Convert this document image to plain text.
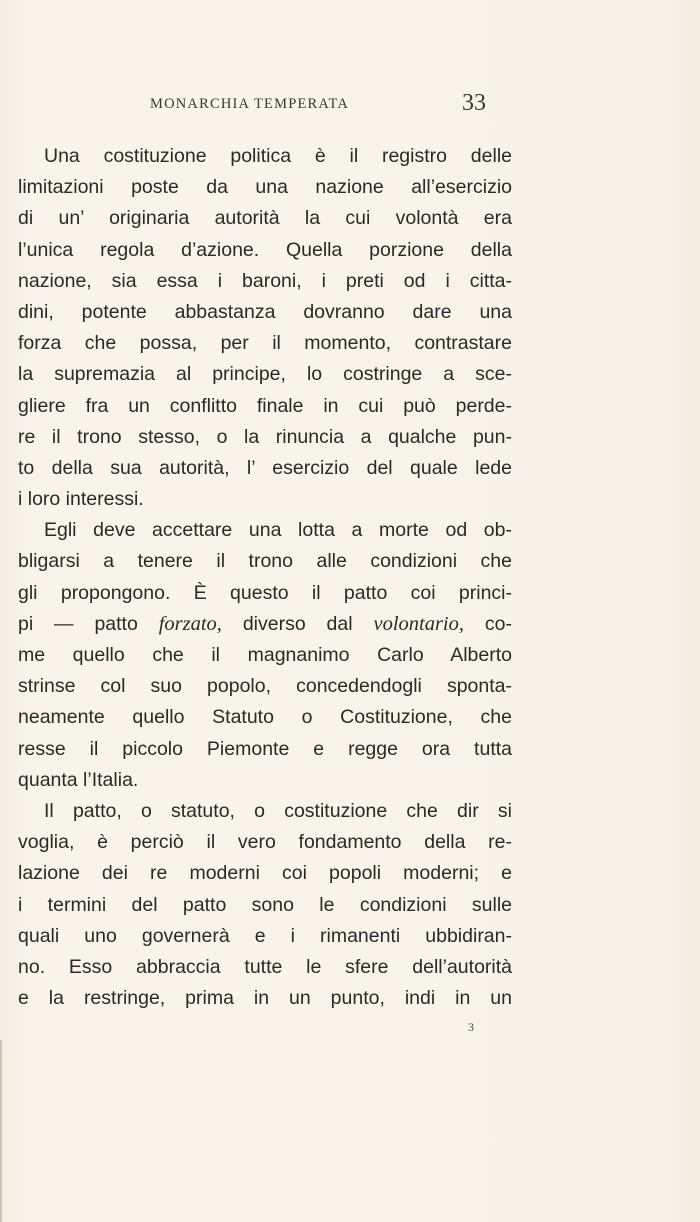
MONARCHIA TEMPERATA	33
Una costituzione politica è il registro delle
limitazioni poste da una nazione all’esercizio
di un’ originaria autorità la cui volontà era
l’unica regola d’azione. Quella porzione della
nazione, sia essa i baroni, i preti od i citta-
dini, potente abbastanza dovranno dare una
forza che possa, per il momento, contrastare
la supremazia al principe, lo costringe a sce-
gliere fra un conflitto finale in cui può perde-
re il trono stesso, o la rinuncia a qualche pun-
to della sua autorità, l’ esercizio del quale lede
i loro interessi.
Egli deve accettare una lotta a morte od ob-
bligarsi a tenere il trono alle condizioni che
gli propongono. È questo il patto coi princi-
pi — patto forzato, diverso dal volontario, co-
me quello che il magnanimo Carlo Alberto
strinse col suo popolo, concedendogli sponta-
neamente quello Statuto o Costituzione, che
resse il piccolo Piemonte e regge ora tutta
quanta l’Italia.
Il patto, o statuto, o costituzione che dir si
voglia, è perciò il vero fondamento della re-
lazione dei re moderni coi popoli moderni; e
i termini del patto sono le condizioni sulle
quali uno governerà e i rimanenti ubbidiran-
no. Esso abbraccia tutte le sfere dell’autorità
e la restringe, prima in un punto, indi in un
3
